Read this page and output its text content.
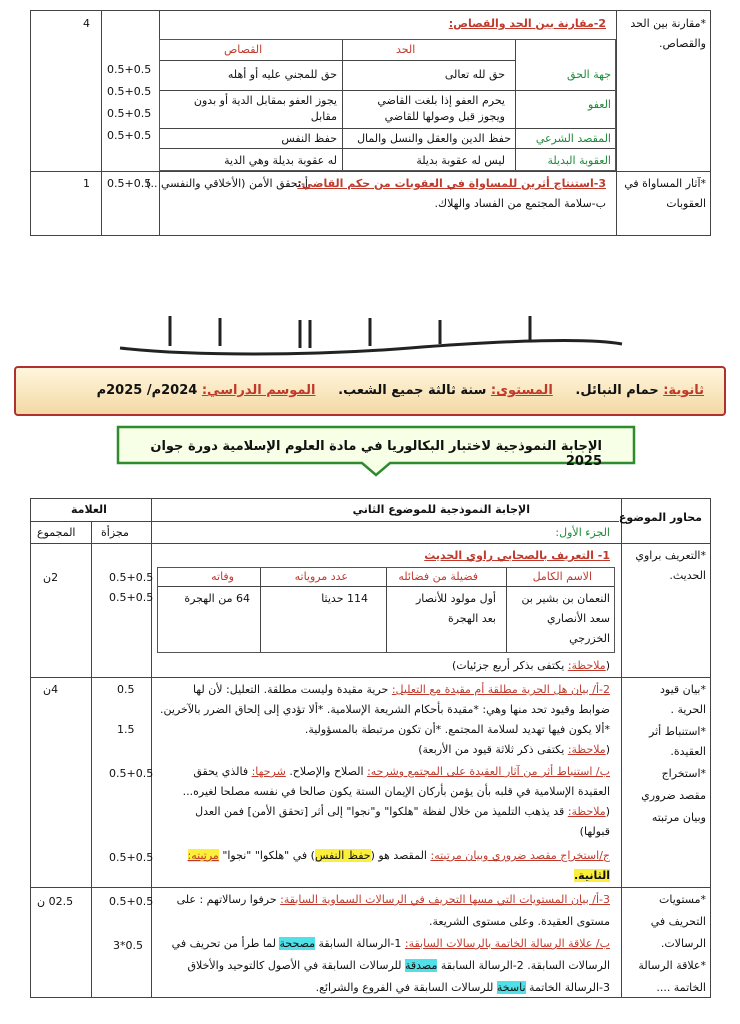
*مقارنة بين الحد
والقصاص.
2-مقارنة بين الحد والقصاص:
4
0.5+0.5
0.5+0.5
0.5+0.5
0.5+0.5
الحد
القصاص
جهة الحق
حق لله تعالى
حق للمجني عليه أو أهله
العفو
يحرم العفو إذا بلغت القاضي
ويجوز قبل وصولها للقاضي
يجوز العفو بمقابل الدية أو بدون
مقابل
المقصد الشرعي
حفظ الدين والعقل والنسل والمال
حفظ النفس
العقوبة البديلة
ليس له عقوبة بديلة
له عقوبة بديلة وهي الدية
*آثار المساواة في
العقوبات
3-استنتاج أثرين للمساواة في العقوبات من حكم القاضي:
أ-تحقق الأمن (الأخلاقي والنفسي ..)
ب-سلامة المجتمع من الفساد والهلاك.
0.5+0.5
1
ثانوية: حمام النبائل.     المستوى: سنة ثالثة جميع الشعب.     الموسم الدراسي: 2024م/ 2025م
الإجابة النموذجية لاختبار البكالوريا في مادة العلوم الإسلامية دورة جوان 2025
محاور الموضوع
الإجابة النموذجية للموضوع الثاني
العلامة
مجزأة
المجموع	الجزء الأول:
*التعريف براوي
الحديث.
1- التعريف بالصحابي راوي الحديث
0.5+0.5
0.5+0.5
2ن	الاسم الكامل
فضيلة من فضائله
عدد مروياته
وفاته
النعمان بن بشير بن
سعد الأنصاري
الخزرجي
أول مولود للأنصار
بعد الهجرة
114 حديثا
64 من الهجرة
(ملاحظة: يكتفى بذكر أربع جزئيات)
*بيان قيود
الحرية .
*استنباط أثر
العقيدة.
*استخراج
مقصد ضروري
وبيان مرتبته
2-أ/ بيان هل الحرية مطلقة أم مقيدة مع التعليل: حرية مقيدة وليست مطلقة. التعليل: لأن لها
ضوابط وقيود تحد منها وهي: *مقيدة بأحكام الشريعة الإسلامية. *ألا تؤدي إلى إلحاق الضرر بالآخرين.
*ألا يكون فيها تهديد لسلامة المجتمع. *أن تكون مرتبطة بالمسؤولية.
(ملاحظة: يكتفى ذكر ثلاثة قيود من الأربعة)
ب/ استنباط أثر من آثار العقيدة على المجتمع وشرحه: الصلاح والإصلاح. شرحها: فالذي يحقق
العقيدة الإسلامية في قلبه بأن يؤمن بأركان الإيمان الستة يكون صالحا في نفسه مصلحا لغيره...
(ملاحظة: قد يذهب التلميذ من خلال لفظة "هلكوا" و"نجوا" إلى أثر [تحقق الأمن] فمن العدل
قبولها)
ج/استخراج مقصد ضروري وبيان مرتبته: المقصد هو (حفظ النفس) في "هلكوا" "نجوا" مرتبته:
الثانية.
0.5
1.5
0.5+0.5
0.5+0.5
4ن
*مستويات
التحريف في
الرسالات.
*علاقة الرسالة
الخاتمة ....
3-أ/ بيان المستويات التي مسها التحريف في الرسالات السماوية السابقة: حرفوا رسالاتهم : على
مستوى العقيدة. وعلى مستوى الشريعة.
ب/ علاقة الرسالة الخاتمة بالرسالات السابقة: 1-الرسالة السابقة مصححة لما طرأ من تحريف في
الرسالات السابقة. 2-الرسالة السابقة مصدقة للرسالات السابقة في الأصول كالتوحيد والأخلاق
3-الرسالة الخاتمة ناسخة للرسالات السابقة في الفروع والشرائع.
0.5+0.5
0.5*3
02.5 ن
